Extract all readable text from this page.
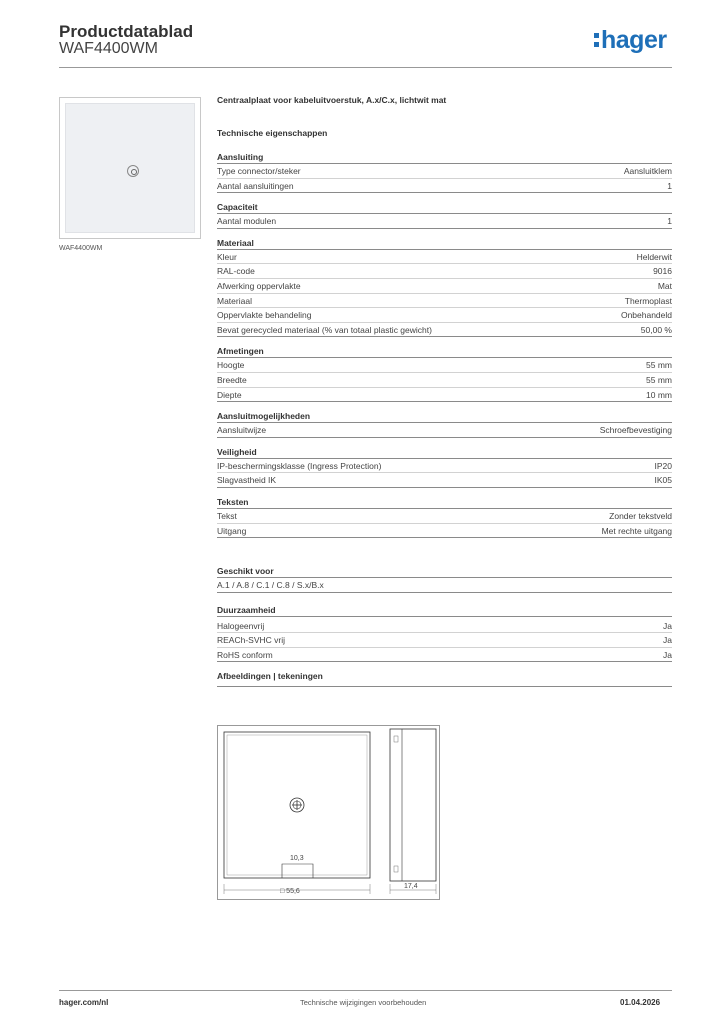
Productdatablad
WAF4400WM	hager
WAF4400WM
Centraalplaat voor kabeluitvoerstuk, A.x/C.x, lichtwit mat
Technische eigenschappen
Aansluiting
Type connector/steker	Aansluitklem
Aantal aansluitingen	1
Capaciteit
Aantal modulen	1
Materiaal
Kleur	Helderwit
RAL-code	9016
Afwerking oppervlakte	Mat
Materiaal	Thermoplast
Oppervlakte behandeling	Onbehandeld
Bevat gerecycled materiaal (% van totaal plastic gewicht)	50,00 %
Afmetingen
Hoogte	55 mm
Breedte	55 mm
Diepte	10 mm
Aansluitmogelijkheden
Aansluitwijze	Schroefbevestiging
Veiligheid
IP-beschermingsklasse (Ingress Protection)	IP20
Slagvastheid IK	IK05
Teksten
Tekst	Zonder tekstveld
Uitgang	Met rechte uitgang
Geschikt voor
A.1 / A.8 / C.1 / C.8 / S.x/B.x
Duurzaamheid
Halogeenvrij	Ja
REACh-SVHC vrij	Ja
RoHS conform	Ja
Afbeeldingen | tekeningen
10,3
□ 55,6
17,4
hager.com/nl	Technische wijzigingen voorbehouden	01.04.2026
